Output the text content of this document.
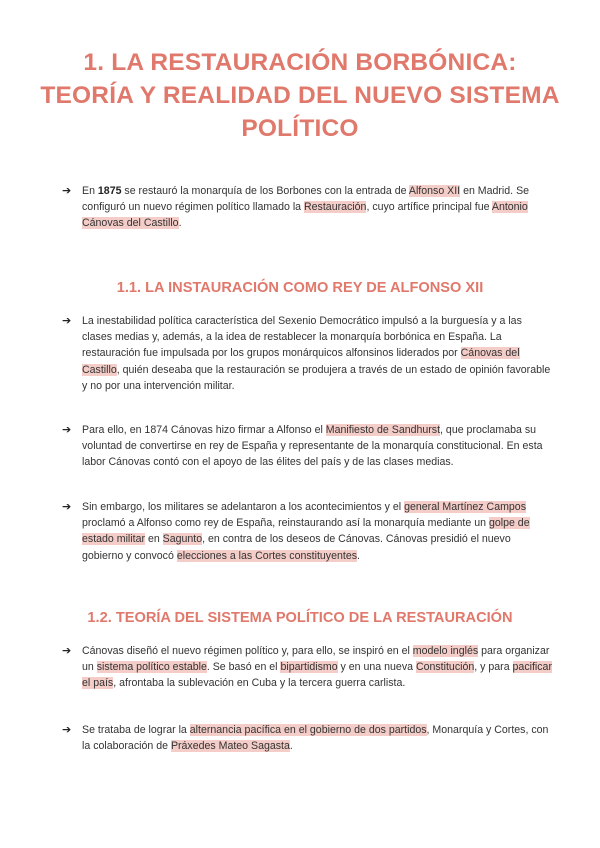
1. LA RESTAURACIÓN BORBÓNICA: TEORÍA Y REALIDAD DEL NUEVO SISTEMA POLÍTICO
➔ En 1875 se restauró la monarquía de los Borbones con la entrada de Alfonso XII en Madrid. Se configuró un nuevo régimen político llamado la Restauración, cuyo artífice principal fue Antonio Cánovas del Castillo.
1.1. LA INSTAURACIÓN COMO REY DE ALFONSO XII
➔ La inestabilidad política característica del Sexenio Democrático impulsó a la burguesía y a las clases medias y, además, a la idea de restablecer la monarquía borbónica en España. La restauración fue impulsada por los grupos monárquicos alfonsinos liderados por Cánovas del Castillo, quién deseaba que la restauración se produjera a través de un estado de opinión favorable y no por una intervención militar.
➔ Para ello, en 1874 Cánovas hizo firmar a Alfonso el Manifiesto de Sandhurst, que proclamaba su voluntad de convertirse en rey de España y representante de la monarquía constitucional. En esta labor Cánovas contó con el apoyo de las élites del país y de las clases medias.
➔ Sin embargo, los militares se adelantaron a los acontecimientos y el general Martínez Campos proclamó a Alfonso como rey de España, reinstaurando así la monarquía mediante un golpe de estado militar en Sagunto, en contra de los deseos de Cánovas. Cánovas presidió el nuevo gobierno y convocó elecciones a las Cortes constituyentes.
1.2. TEORÍA DEL SISTEMA POLÍTICO DE LA RESTAURACIÓN
➔ Cánovas diseñó el nuevo régimen político y, para ello, se inspiró en el modelo inglés para organizar un sistema político estable. Se basó en el bipartidismo y en una nueva Constitución, y para pacificar el país, afrontaba la sublevación en Cuba y la tercera guerra carlista.
➔ Se trataba de lograr la alternancia pacífica en el gobierno de dos partidos, Monarquía y Cortes, con la colaboración de Práxedes Mateo Sagasta.
